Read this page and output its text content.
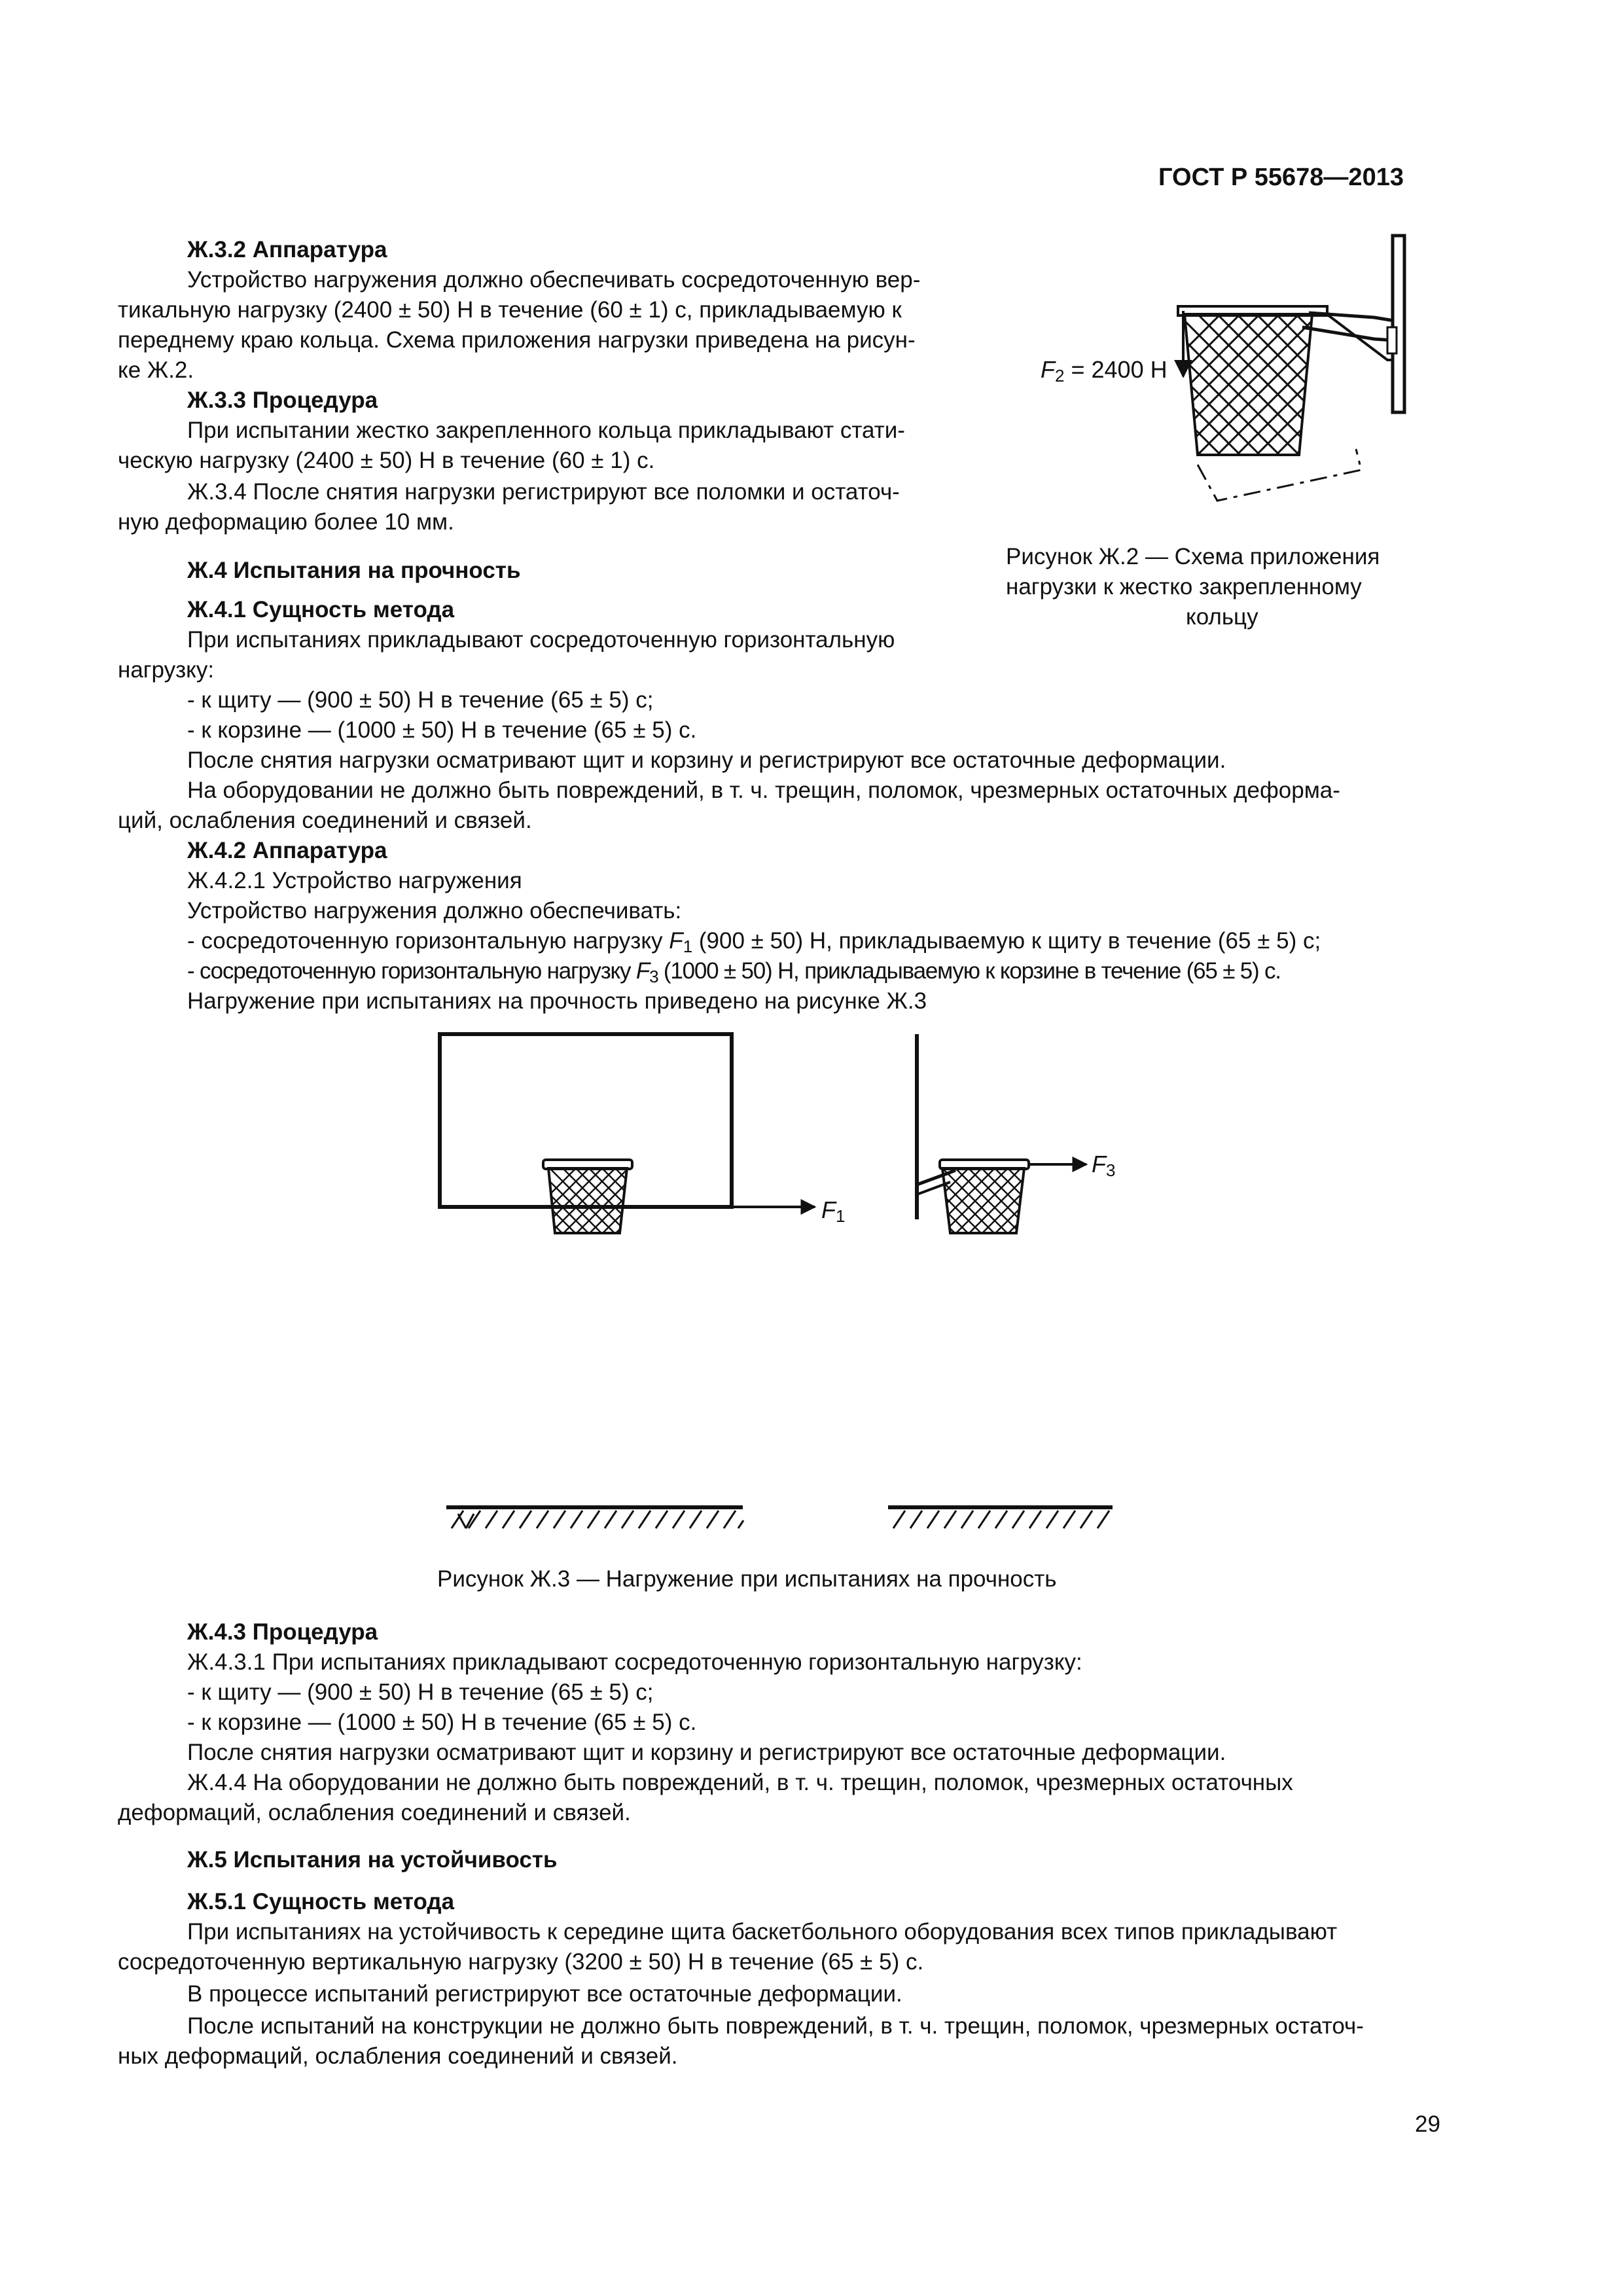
ГОСТ Р 55678—2013
Ж.3.2 Аппаратура
Устройство нагружения должно обеспечивать сосредоточенную вер-
тикальную нагрузку (2400 ± 50) Н в течение (60 ± 1) с, прикладываемую к
переднему краю кольца. Схема приложения нагрузки приведена на рисун-
ке Ж.2.
Ж.3.3 Процедура
При испытании жестко закрепленного кольца прикладывают стати-
ческую нагрузку (2400 ± 50) Н в течение (60 ± 1) с.
Ж.3.4 После снятия нагрузки регистрируют все поломки и остаточ-
ную деформацию более 10 мм.
$F_2 = 2400$ Н
Рисунок Ж.2 — Схема приложения
нагрузки к жестко закрепленному
кольцу
Ж.4 Испытания на прочность
Ж.4.1 Сущность метода
При испытаниях прикладывают сосредоточенную горизонтальную
нагрузку:
- к щиту — (900 ± 50) Н в течение (65 ± 5) с;
- к корзине — (1000 ± 50) Н в течение (65 ± 5) с.
После снятия нагрузки осматривают щит и корзину и регистрируют все остаточные деформации.
На оборудовании не должно быть повреждений, в т. ч. трещин, поломок, чрезмерных остаточных деформа-
ций, ослабления соединений и связей.
Ж.4.2 Аппаратура
Ж.4.2.1 Устройство нагружения
Устройство нагружения должно обеспечивать:
- сосредоточенную горизонтальную нагрузку $F_1$ (900 ± 50) Н, прикладываемую к щиту в течение (65 ± 5) с;
- сосредоточенную горизонтальную нагрузку $F_3$ (1000 ± 50) Н, прикладываемую к корзине в течение (65 ± 5) с.
Нагружение при испытаниях на прочность приведено на рисунке Ж.3
$F_1$
$F_3$
Рисунок Ж.3 — Нагружение при испытаниях на прочность
Ж.4.3 Процедура
Ж.4.3.1 При испытаниях прикладывают сосредоточенную горизонтальную нагрузку:
- к щиту — (900 ± 50) Н в течение (65 ± 5) с;
- к корзине — (1000 ± 50) Н в течение (65 ± 5) с.
После снятия нагрузки осматривают щит и корзину и регистрируют все остаточные деформации.
Ж.4.4 На оборудовании не должно быть повреждений, в т. ч. трещин, поломок, чрезмерных остаточных
деформаций, ослабления соединений и связей.
Ж.5 Испытания на устойчивость
Ж.5.1 Сущность метода
При испытаниях на устойчивость к середине щита баскетбольного оборудования всех типов прикладывают
сосредоточенную вертикальную нагрузку (3200 ± 50) Н в течение (65 ± 5) с.
В процессе испытаний регистрируют все остаточные деформации.
После испытаний на конструкции не должно быть повреждений, в т. ч. трещин, поломок, чрезмерных остаточ-
ных деформаций, ослабления соединений и связей.
29
